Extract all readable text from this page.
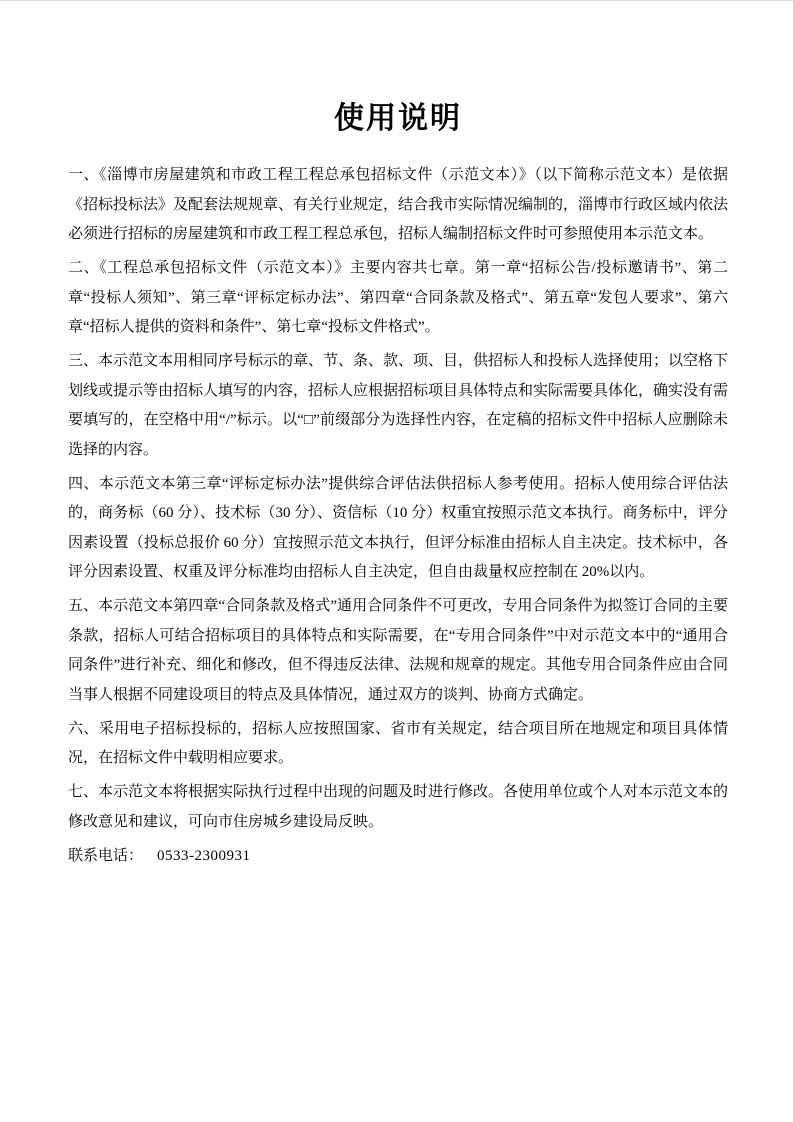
使用说明

一、《淄博市房屋建筑和市政工程工程总承包招标文件（示范文本）》（以下简称示范文本）是依据《招标投标法》及配套法规规章、有关行业规定，结合我市实际情况编制的，淄博市行政区域内依法必须进行招标的房屋建筑和市政工程工程总承包，招标人编制招标文件时可参照使用本示范文本。

二、《工程总承包招标文件（示范文本）》主要内容共七章。第一章“招标公告/投标邀请书”、第二章“投标人须知”、第三章“评标定标办法”、第四章“合同条款及格式”、第五章“发包人要求”、第六章“招标人提供的资料和条件”、第七章“投标文件格式”。

三、本示范文本用相同序号标示的章、节、条、款、项、目，供招标人和投标人选择使用；以空格下划线或提示等由招标人填写的内容，招标人应根据招标项目具体特点和实际需要具体化，确实没有需要填写的，在空格中用“/”标示。以“□”前缀部分为选择性内容，在定稿的招标文件中招标人应删除未选择的内容。

四、本示范文本第三章“评标定标办法”提供综合评估法供招标人参考使用。招标人使用综合评估法的，商务标（60 分）、技术标（30 分）、资信标（10 分）权重宜按照示范文本执行。商务标中，评分因素设置（投标总报价 60 分）宜按照示范文本执行，但评分标准由招标人自主决定。技术标中，各评分因素设置、权重及评分标准均由招标人自主决定，但自由裁量权应控制在 20%以内。

五、本示范文本第四章“合同条款及格式”通用合同条件不可更改，专用合同条件为拟签订合同的主要条款，招标人可结合招标项目的具体特点和实际需要，在“专用合同条件”中对示范文本中的“通用合同条件”进行补充、细化和修改，但不得违反法律、法规和规章的规定。其他专用合同条件应由合同当事人根据不同建设项目的特点及具体情况，通过双方的谈判、协商方式确定。

六、采用电子招标投标的，招标人应按照国家、省市有关规定，结合项目所在地规定和项目具体情况，在招标文件中载明相应要求。

七、本示范文本将根据实际执行过程中出现的问题及时进行修改。各使用单位或个人对本示范文本的修改意见和建议，可向市住房城乡建设局反映。

联系电话： 0533-2300931
